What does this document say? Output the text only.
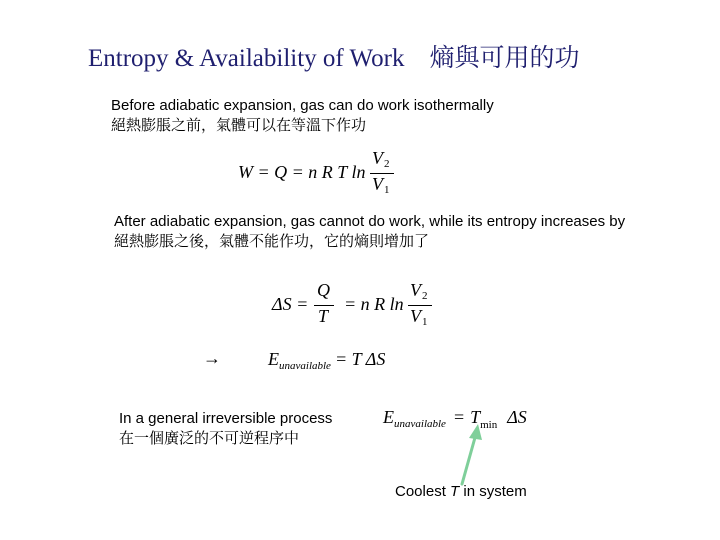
Entropy & Availability of Work　熵與可用的功
Before adiabatic expansion, gas can do work isothermally
絕熱膨脹之前，氣體可以在等溫下作功
W = Q = n R T ln
V 2
V 1
After adiabatic expansion, gas cannot do work, while its entropy increases by
絕熱膨脹之後，氣體不能作功，它的熵則增加了
ΔS =
Q
T
= n R ln
V 2
V 1
→	$E_{unavailable} = T$ ΔS
In a general irreversible process
在一個廣泛的不可逆程序中
$E_{unavailable} = T_{min}$ ΔS
Coolest T in system
